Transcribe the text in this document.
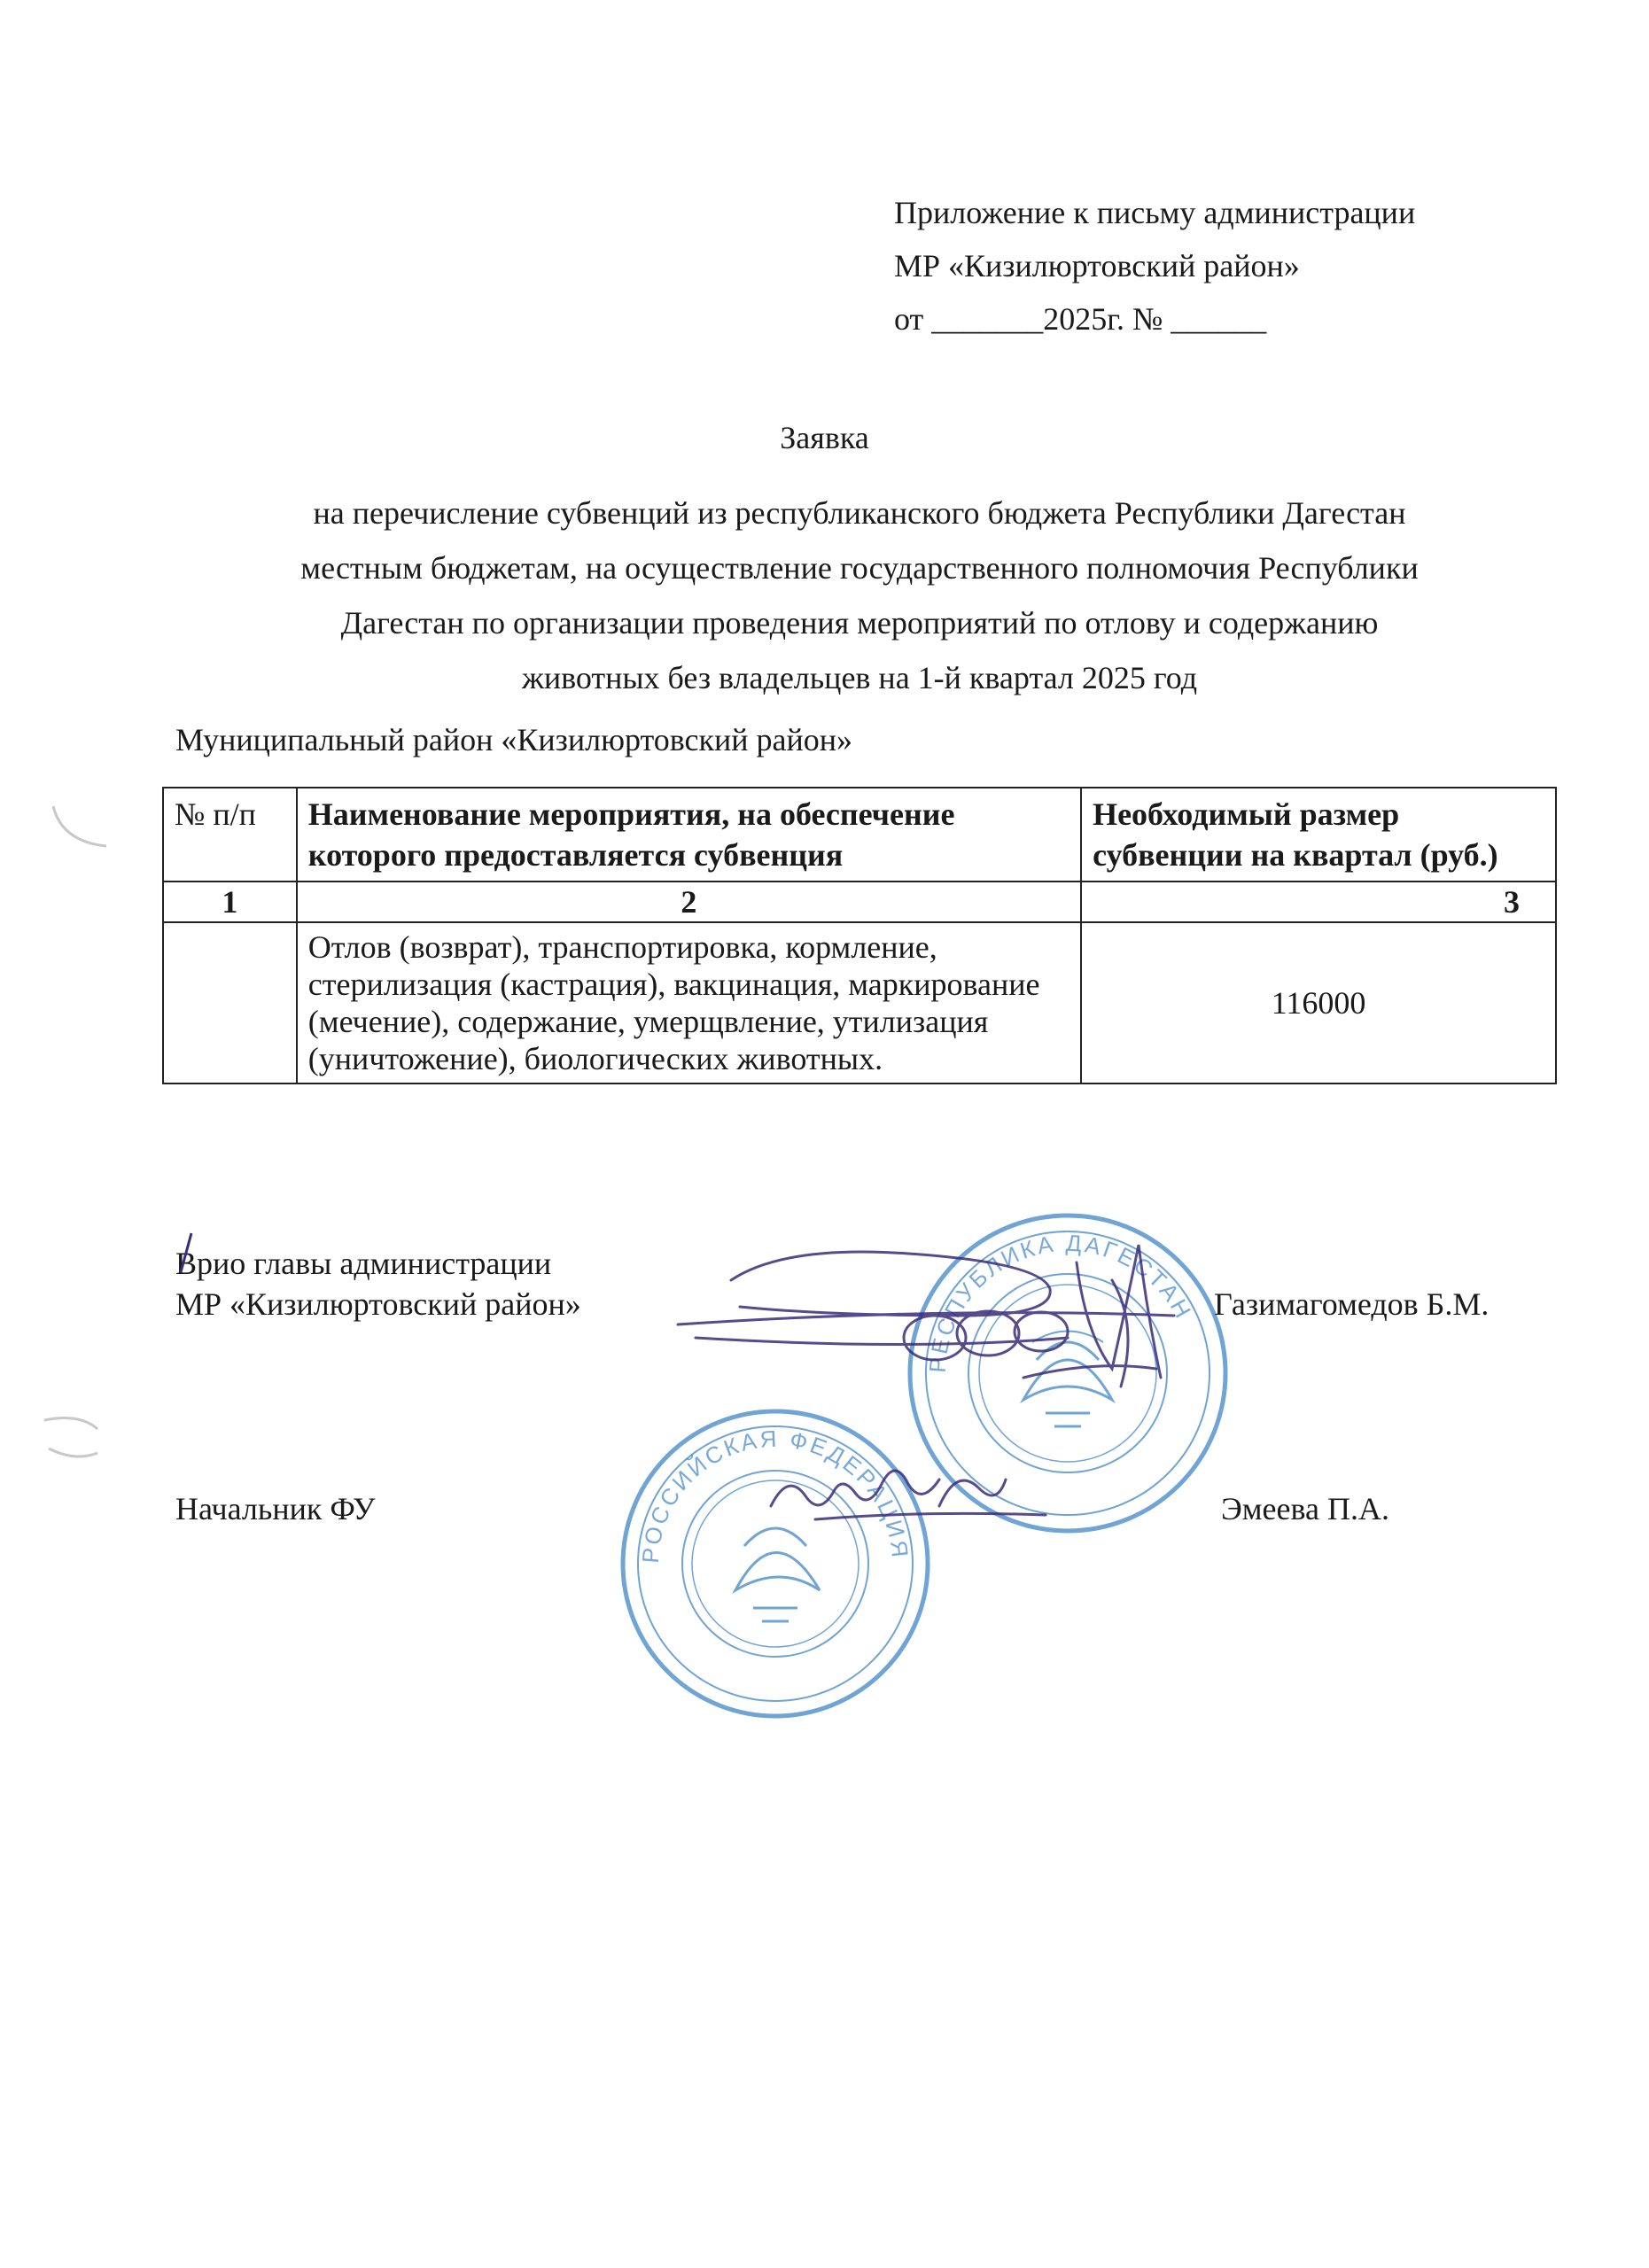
Приложение к письму администрации
МР «Кизилюртовский район»
от _______2025г. № ______
Заявка
на перечисление субвенций из республиканского бюджета Республики Дагестан
местным бюджетам, на осуществление государственного полномочия Республики
Дагестан по организации проведения мероприятий по отлову и содержанию
животных без владельцев на 1-й квартал 2025 год
Муниципальный район «Кизилюртовский район»
№ п/п	Наименование мероприятия, на обеспечение которого предоставляется субвенция	Необходимый размер субвенции на квартал (руб.)
1	2	3
	Отлов (возврат), транспортировка, кормление, стерилизация (кастрация), вакцинация, маркирование (мечение), содержание, умерщвление, утилизация (уничтожение), биологических животных.	116000
РЕСПУБЛИКА ДАГЕСТАН
РОССИЙСКАЯ ФЕДЕРАЦИЯ
Врио главы администрации
МР «Кизилюртовский район»	Газимагомедов Б.М.
Начальник ФУ	Эмеева П.А.
